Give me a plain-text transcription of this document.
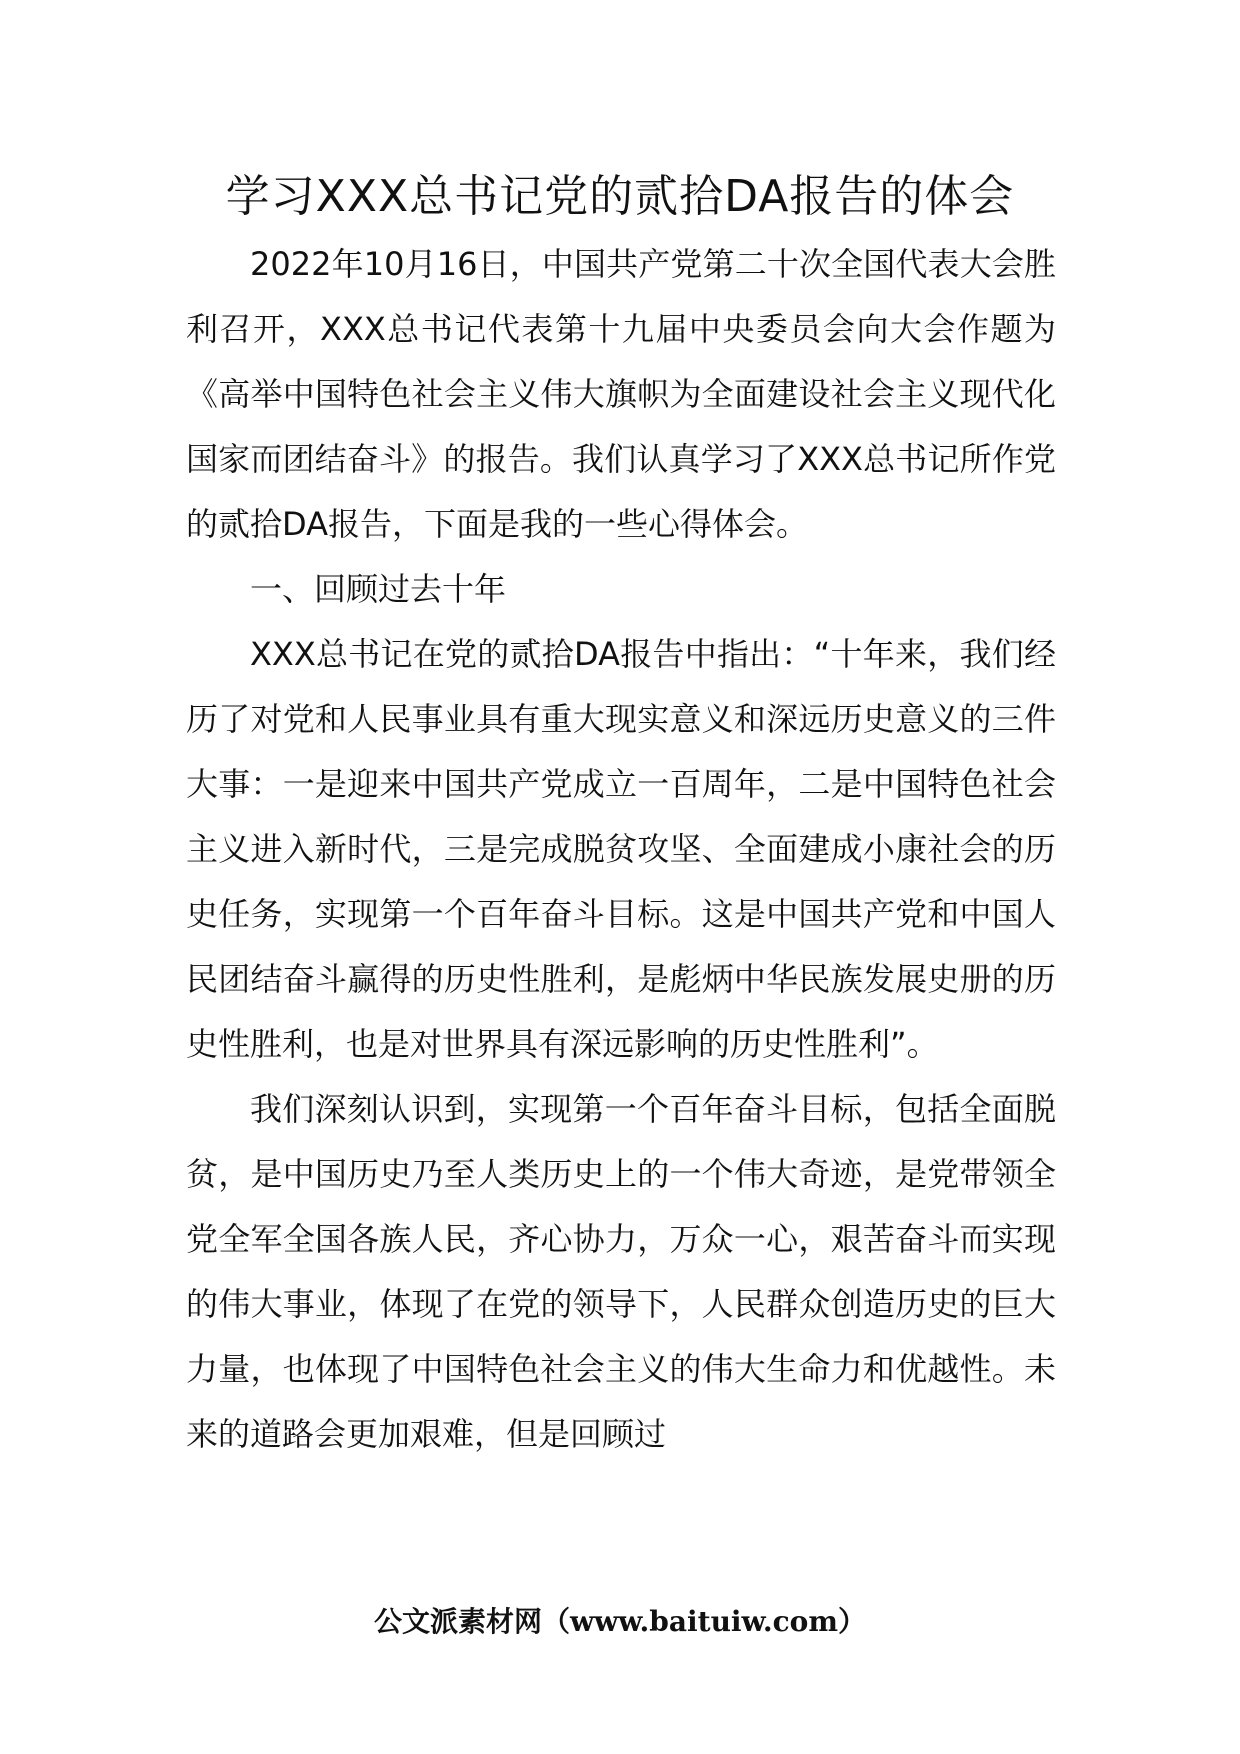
学习XXX总书记党的贰拾DA报告的体会

2022年10月16日，中国共产党第二十次全国代表大会胜利召开，XXX总书记代表第十九届中央委员会向大会作题为《高举中国特色社会主义伟大旗帜为全面建设社会主义现代化国家而团结奋斗》的报告。我们认真学习了XXX总书记所作党的贰拾DA报告，下面是我的一些心得体会。

一、回顾过去十年

XXX总书记在党的贰拾DA报告中指出：“十年来，我们经历了对党和人民事业具有重大现实意义和深远历史意义的三件大事：一是迎来中国共产党成立一百周年，二是中国特色社会主义进入新时代，三是完成脱贫攻坚、全面建成小康社会的历史任务，实现第一个百年奋斗目标。这是中国共产党和中国人民团结奋斗赢得的历史性胜利，是彪炳中华民族发展史册的历史性胜利，也是对世界具有深远影响的历史性胜利”。

我们深刻认识到，实现第一个百年奋斗目标，包括全面脱贫，是中国历史乃至人类历史上的一个伟大奇迹，是党带领全党全军全国各族人民，齐心协力，万众一心，艰苦奋斗而实现的伟大事业，体现了在党的领导下，人民群众创造历史的巨大力量，也体现了中国特色社会主义的伟大生命力和优越性。未来的道路会更加艰难，但是回顾过

公文派素材网（www.baituiw.com）
